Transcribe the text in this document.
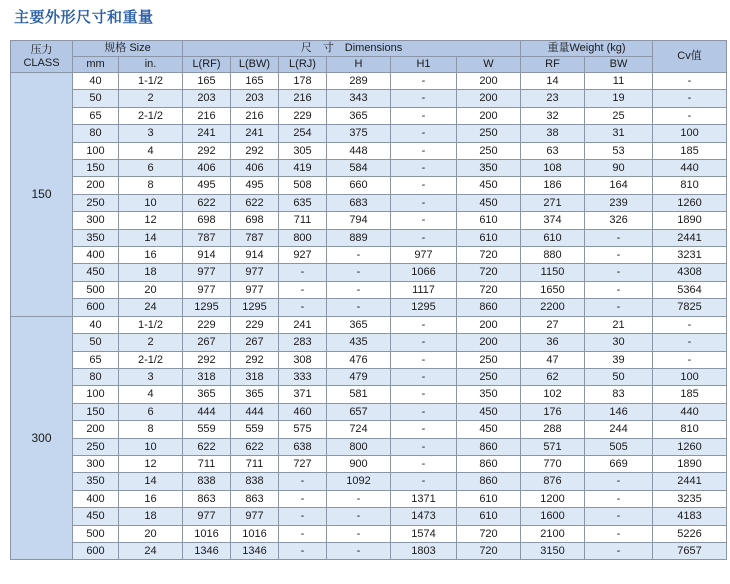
主要外形尺寸和重量
压力
CLASS	规格 Size		尺　寸　Dimensions						重量Weight (kg)		Cv值
	mm	in.	L(RF)	L(BW)	L(RJ)	H	H1	W	RF	BW	
150	40	1-1/2	165	165	178	289	-	200	14	11	-
	50	2	203	203	216	343	-	200	23	19	-
	65	2-1/2	216	216	229	365	-	200	32	25	-
	80	3	241	241	254	375	-	250	38	31	100
	100	4	292	292	305	448	-	250	63	53	185
	150	6	406	406	419	584	-	350	108	90	440
	200	8	495	495	508	660	-	450	186	164	810
	250	10	622	622	635	683	-	450	271	239	1260
	300	12	698	698	711	794	-	610	374	326	1890
	350	14	787	787	800	889	-	610	610	-	2441
	400	16	914	914	927	-	977	720	880	-	3231
	450	18	977	977	-	-	1066	720	1150	-	4308
	500	20	977	977	-	-	1117	720	1650	-	5364
	600	24	1295	1295	-	-	1295	860	2200	-	7825
300	40	1-1/2	229	229	241	365	-	200	27	21	-
	50	2	267	267	283	435	-	200	36	30	-
	65	2-1/2	292	292	308	476	-	250	47	39	-
	80	3	318	318	333	479	-	250	62	50	100
	100	4	365	365	371	581	-	350	102	83	185
	150	6	444	444	460	657	-	450	176	146	440
	200	8	559	559	575	724	-	450	288	244	810
	250	10	622	622	638	800	-	860	571	505	1260
	300	12	711	711	727	900	-	860	770	669	1890
	350	14	838	838	-	1092	-	860	876	-	2441
	400	16	863	863	-	-	1371	610	1200	-	3235
	450	18	977	977	-	-	1473	610	1600	-	4183
	500	20	1016	1016	-	-	1574	720	2100	-	5226
	600	24	1346	1346	-	-	1803	720	3150	-	7657
